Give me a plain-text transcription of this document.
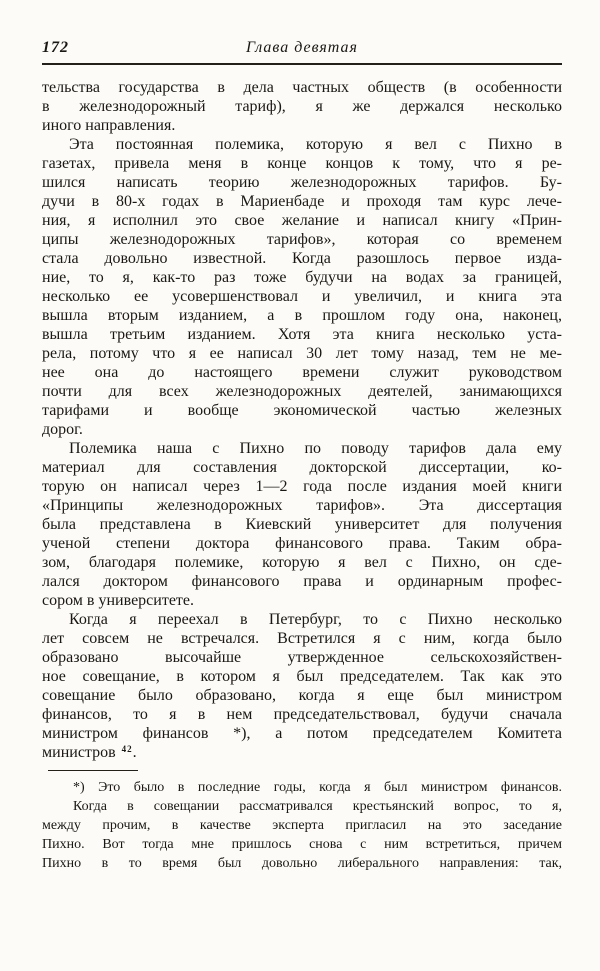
172	Глава девятая
тельства государства в дела частных обществ (в особенности
в железнодорожный тариф), я же держался несколько
иного направления.
Эта постоянная полемика, которую я вел с Пихно в
газетах, привела меня в конце концов к тому, что я ре-
шился написать теорию железнодорожных тарифов. Бу-
дучи в 80-х годах в Мариенбаде и проходя там курс лече-
ния, я исполнил это свое желание и написал книгу «Прин-
ципы железнодорожных тарифов», которая со временем
стала довольно известной. Когда разошлось первое изда-
ние, то я, как-то раз тоже будучи на водах за границей,
несколько ее усовершенствовал и увеличил, и книга эта
вышла вторым изданием, а в прошлом году она, наконец,
вышла третьим изданием. Хотя эта книга несколько уста-
рела, потому что я ее написал 30 лет тому назад, тем не ме-
нее она до настоящего времени служит руководством
почти для всех железнодорожных деятелей, занимающихся
тарифами и вообще экономической частью железных
дорог.
Полемика наша с Пихно по поводу тарифов дала ему
материал для составления докторской диссертации, ко-
торую он написал через 1—2 года после издания моей книги
«Принципы железнодорожных тарифов». Эта диссертация
была представлена в Киевский университет для получения
ученой степени доктора финансового права. Таким обра-
зом, благодаря полемике, которую я вел с Пихно, он сде-
лался доктором финансового права и ординарным профес-
сором в университете.
Когда я переехал в Петербург, то с Пихно несколько
лет совсем не встречался. Встретился я с ним, когда было
образовано высочайше утвержденное сельскохозяйствен-
ное совещание, в котором я был председателем. Так как это
совещание было образовано, когда я еще был министром
финансов, то я в нем председательствовал, будучи сначала
министром финансов *), а потом председателем Комитета
министров $^{42}$.
*) Это было в последние годы, когда я был министром финансов.
Когда в совещании рассматривался крестьянский вопрос, то я,
между прочим, в качестве эксперта пригласил на это заседание
Пихно. Вот тогда мне пришлось снова с ним встретиться, причем
Пихно в то время был довольно либерального направления: так,
